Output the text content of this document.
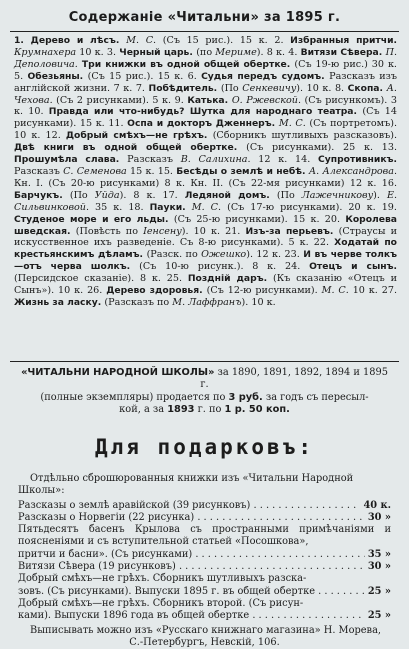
Содержаніе «Читальни» за 1895 г.
1. Дерево и лѣсъ. М. С. (Съ 15 рис.). 15 к. 2. Избранныя притчи. Крумнахера 10 к. 3. Черный царь. (по Мериме). 8 к. 4. Витязи Сѣвера. П. Деполовича. Три книжки въ одной общей обертке. (Съ 19-ю рис.) 30 к. 5. Обезьяны. (Съ 15 рис.). 15 к. 6. Судья передъ судомъ. Разсказъ изъ англійской жизни. 7 к. 7. Побѣдитель. (По Сенкевичу). 10 к. 8. Скопа. А. Чехова. (Съ 2 рисунками). 5 к. 9. Катька. О. Ржевской. (Съ рисункомъ). 3 к. 10. Правда или что-нибудь? Шутка для народнаго театра. (Съ 14 рисунками). 15 к. 11. Оспа и докторъ Дженнеръ. М. С. (Съ портретомъ). 10 к. 12. Добрый смѣхъ—не грѣхъ. (Сборникъ шутливыхъ разсказовъ). Двѣ книги въ одной общей обертке. (Съ рисунками). 25 к. 13. Прошумѣла слава. Разсказъ В. Салихина. 12 к. 14. Супротивникъ. Разсказъ С. Семенова 15 к. 15. Бесѣды о землѣ и небѣ. А. Александрова. Кн. I. (Съ 20-ю рисунками) 8 к. Кн. II. (Съ 22-мя рисунками) 12 к. 16. Барчукъ. (По Уйда). 8 к. 17. Ледяной домъ. (По Лажечникову). Е. Сильвинковой. 35 к. 18. Пауки. М. С. (Съ 17-ю рисунками). 20 к. 19. Студеное море и его льды. (Съ 25-ю рисунками). 15 к. 20. Королева шведская. (Повѣсть по Іенсену). 10 к. 21. Изъ-за перьевъ. (Страусы и искусственное ихъ разведеніе. Съ 8-ю рисунками). 5 к. 22. Ходатай по крестьянскимъ дѣламъ. (Разск. по Ожешко). 12 к. 23. И въ черве толкъ—отъ черва шолкъ. (Съ 10-ю рисунк.). 8 к. 24. Отецъ и сынъ. (Персидское сказаніе). 8 к. 25. Поздній даръ. (Къ сказанію «Отецъ и Сынъ»). 10 к. 26. Дерево здоровья. (Съ 12-ю рисунками). М. С. 10 к. 27. Жизнь за ласку. (Разсказъ по М. Лаффранъ). 10 к.
«ЧИТАЛЬНИ НАРОДНОЙ ШКОЛЫ» за 1890, 1891, 1892, 1894 и 1895 г.
(полные экземпляры) продается по 3 руб. за годъ съ пересыл-
кой, а за 1893 г. по 1 р. 50 коп.
Для подарковъ:
Отдѣльно сброшюрованныя книжки изъ «Читальни Народной Школы»:
Разсказы о землѣ аравійской (39 рисунковъ) . . .	40 к.
Разсказы о Норвегіи (22 рисунка) . . .	30 »
Пятьдесятъ басенъ Крылова съ пространными примѣчаніями и поясненіями и съ вступительной статьей «Посошкова»,
притчи и басни». (Съ рисунками) . . .	35 »
Витязи Сѣвера (19 рисунковъ) . . .	30 »
Добрый смѣхъ—не грѣхъ. Сборникъ шутливыхъ разска-
зовъ. (Съ рисунками). Выпуски 1895 г. въ общей обертке . . .	25 »
Добрый смѣхъ—не грѣхъ. Сборникъ второй. (Съ рисун-
ками). Выпуски 1896 года въ общей обертке . . .	25 »
Выписывать можно изъ «Русскаго книжнаго магазина» Н. Морева,
С.-Петербургъ, Невскій, 106.
